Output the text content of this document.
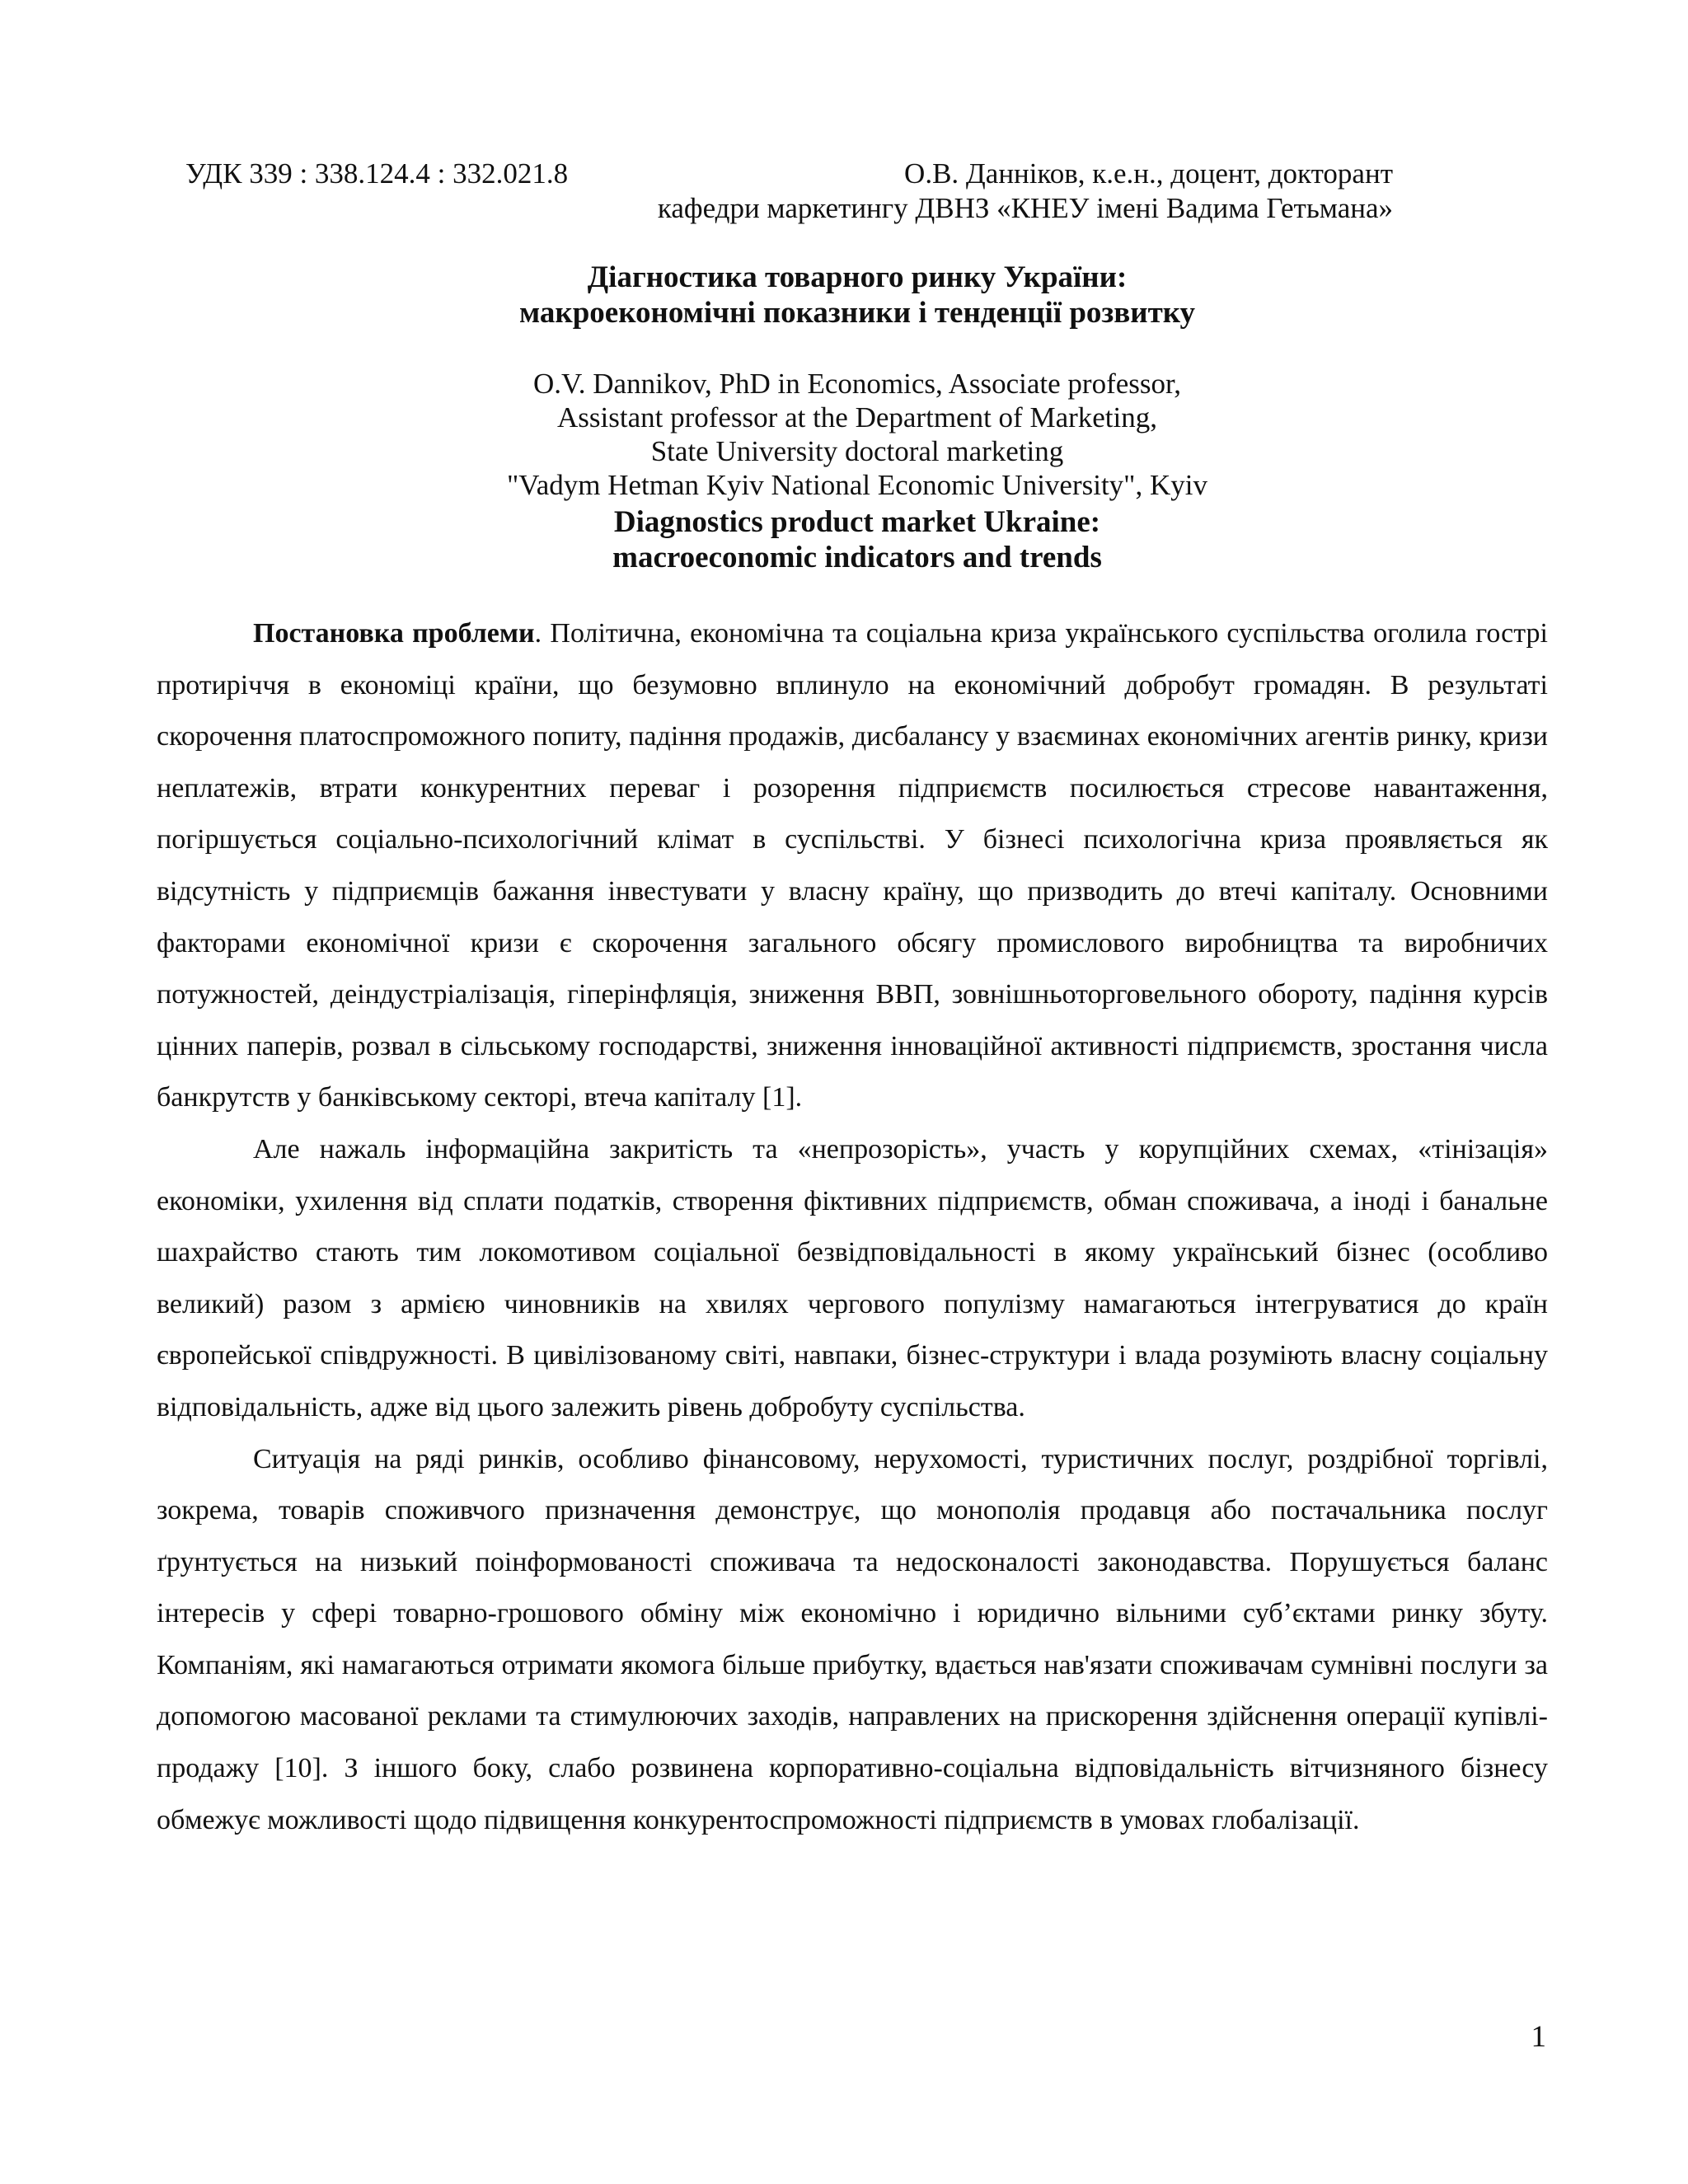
УДК 339 : 338.124.4 : 332.021.8	О.В. Данніков, к.е.н., доцент, докторант
кафедри маркетингу ДВНЗ «КНЕУ імені Вадима Гетьмана»
Діагностика товарного ринку України:
макроекономічні показники і тенденції розвитку
O.V. Dannikov, PhD in Economics, Associate professor,
Assistant professor at the Department of Marketing,
State University doctoral marketing
"Vadym Hetman Kyiv National Economic University", Kyiv
Diagnostics product market Ukraine:
macroeconomic indicators and trends

Постановка проблеми. Політична, економічна та соціальна криза українського суспільства оголила гострі протиріччя в економіці країни, що безумовно вплинуло на економічний добробут громадян. В результаті скорочення платоспроможного попиту, падіння продажів, дисбалансу у взаєминах економічних агентів ринку, кризи неплатежів, втрати конкурентних переваг і розорення підприємств посилюється стресове навантаження, погіршується соціально-психологічний клімат в суспільстві. У бізнесі психологічна криза проявляється як відсутність у підприємців бажання інвестувати у власну країну, що призводить до втечі капіталу. Основними факторами економічної кризи є скорочення загального обсягу промислового виробництва та виробничих потужностей, деіндустріалізація, гіперінфляція, зниження ВВП, зовнішньоторговельного обороту, падіння курсів цінних паперів, розвал в сільському господарстві, зниження інноваційної активності підприємств, зростання числа банкрутств у банківському секторі, втеча капіталу [1].

Але нажаль інформаційна закритість та «непрозорість», участь у корупційних схемах, «тінізація» економіки, ухилення від сплати податків, створення фіктивних підприємств, обман споживача, а іноді і банальне шахрайство стають тим локомотивом соціальної безвідповідальності в якому український бізнес (особливо великий) разом з армією чиновників на хвилях чергового популізму намагаються інтегруватися до країн європейської співдружності. В цивілізованому світі, навпаки, бізнес-структури і влада розуміють власну соціальну відповідальність, адже від цього залежить рівень добробуту суспільства.

Ситуація на ряді ринків, особливо фінансовому, нерухомості, туристичних послуг, роздрібної торгівлі, зокрема, товарів споживчого призначення демонструє, що монополія продавця або постачальника послуг ґрунтується на низький поінформованості споживача та недосконалості законодавства. Порушується баланс інтересів у сфері товарно-грошового обміну між економічно і юридично вільними суб’єктами ринку збуту. Компаніям, які намагаються отримати якомога більше прибутку, вдається нав'язати споживачам сумнівні послуги за допомогою масованої реклами та стимулюючих заходів, направлених на прискорення здійснення операції купівлі-продажу [10]. З іншого боку, слабо розвинена корпоративно-соціальна відповідальність вітчизняного бізнесу обмежує можливості щодо підвищення конкурентоспроможності підприємств в умовах глобалізації.

1
